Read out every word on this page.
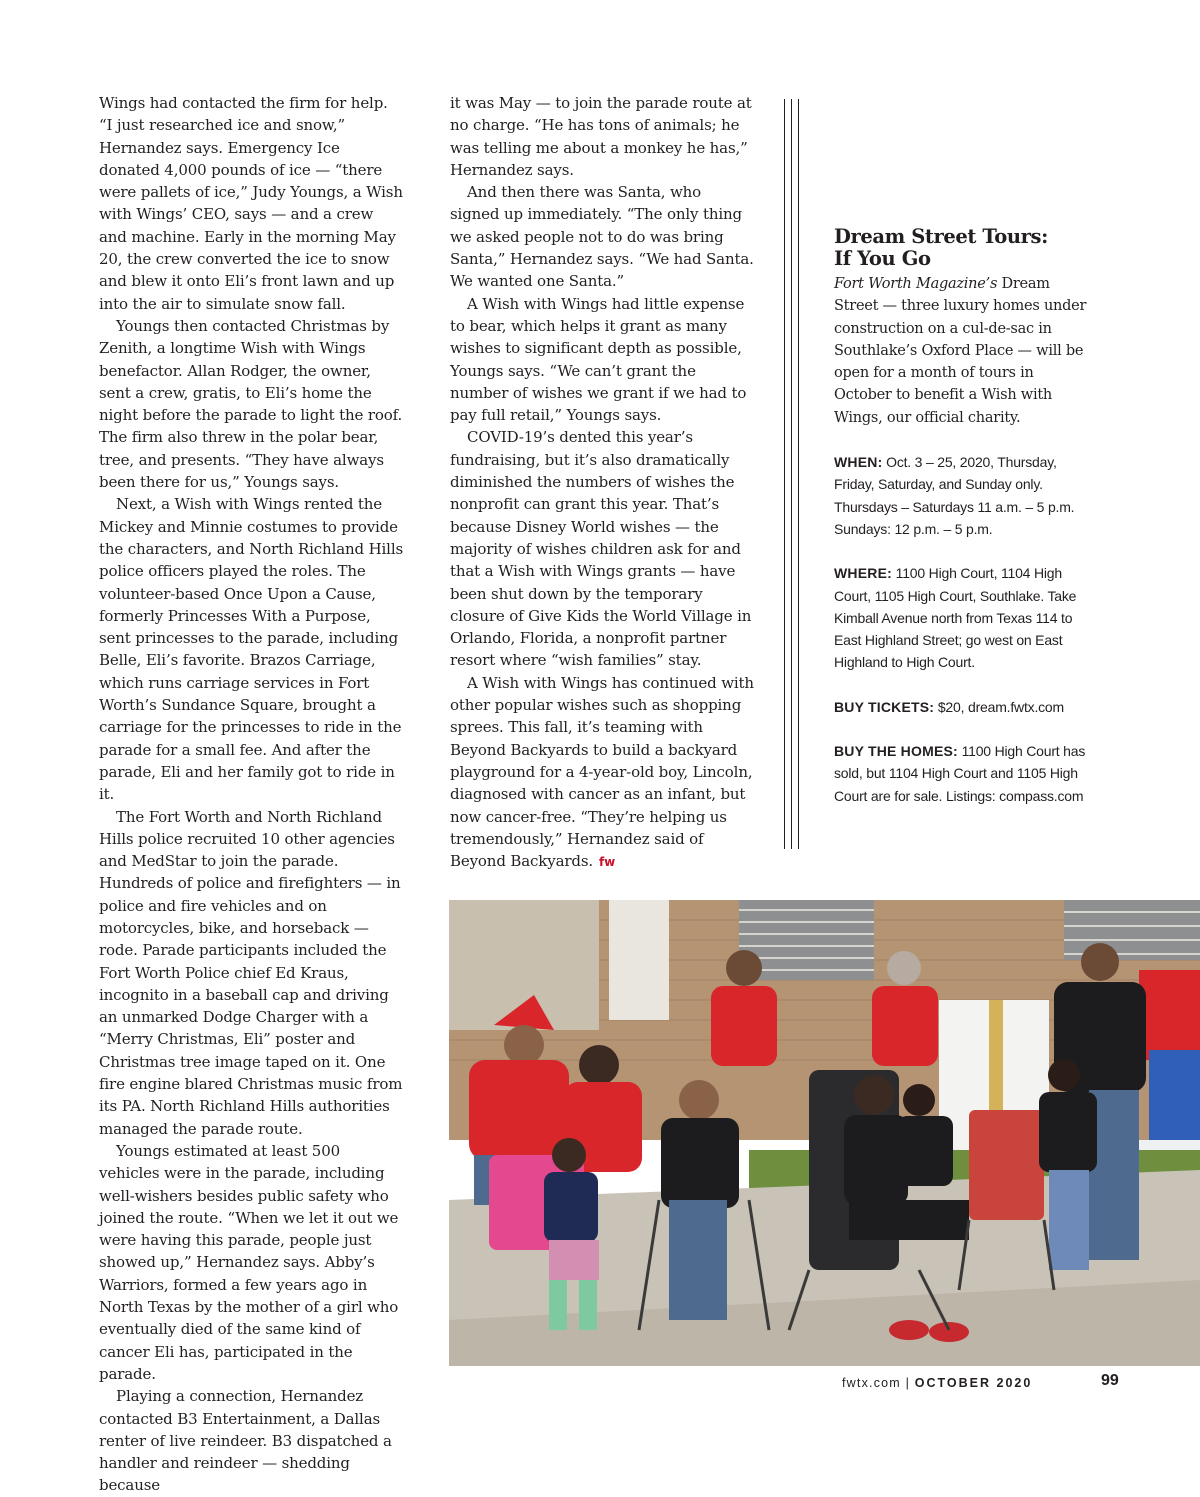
Wings had contacted the firm for help. “I just researched ice and snow,” Hernandez says. Emergency Ice donated 4,000 pounds of ice — “there were pallets of ice,” Judy Youngs, a Wish with Wings’ CEO, says — and a crew and machine. Early in the morning May 20, the crew converted the ice to snow and blew it onto Eli’s front lawn and up into the air to simulate snow fall.

Youngs then contacted Christmas by Zenith, a longtime Wish with Wings benefactor. Allan Rodger, the owner, sent a crew, gratis, to Eli’s home the night before the parade to light the roof. The firm also threw in the polar bear, tree, and presents. “They have always been there for us,” Youngs says.

Next, a Wish with Wings rented the Mickey and Minnie costumes to provide the characters, and North Richland Hills police officers played the roles. The volunteer-based Once Upon a Cause, formerly Princesses With a Purpose, sent princesses to the parade, including Belle, Eli’s favorite. Brazos Carriage, which runs carriage services in Fort Worth’s Sundance Square, brought a carriage for the princesses to ride in the parade for a small fee. And after the parade, Eli and her family got to ride in it.

The Fort Worth and North Richland Hills police recruited 10 other agencies and MedStar to join the parade. Hundreds of police and firefighters — in police and fire vehicles and on motorcycles, bike, and horseback — rode. Parade participants included the Fort Worth Police chief Ed Kraus, incognito in a baseball cap and driving an unmarked Dodge Charger with a “Merry Christmas, Eli” poster and Christmas tree image taped on it. One fire engine blared Christmas music from its PA. North Richland Hills authorities managed the parade route.

Youngs estimated at least 500 vehicles were in the parade, including well-wishers besides public safety who joined the route. “When we let it out we were having this parade, people just showed up,” Hernandez says. Abby’s Warriors, formed a few years ago in North Texas by the mother of a girl who eventually died of the same kind of cancer Eli has, participated in the parade.

Playing a connection, Hernandez contacted B3 Entertainment, a Dallas renter of live reindeer. B3 dispatched a handler and reindeer — shedding because

it was May — to join the parade route at no charge. “He has tons of animals; he was telling me about a monkey he has,” Hernandez says.

And then there was Santa, who signed up immediately. “The only thing we asked people not to do was bring Santa,” Hernandez says. “We had Santa. We wanted one Santa.”

A Wish with Wings had little expense to bear, which helps it grant as many wishes to significant depth as possible, Youngs says. “We can’t grant the number of wishes we grant if we had to pay full retail,” Youngs says.

COVID-19’s dented this year’s fundraising, but it’s also dramatically diminished the numbers of wishes the nonprofit can grant this year. That’s because Disney World wishes — the majority of wishes children ask for and that a Wish with Wings grants — have been shut down by the temporary closure of Give Kids the World Village in Orlando, Florida, a nonprofit partner resort where “wish families” stay.

A Wish with Wings has continued with other popular wishes such as shopping sprees. This fall, it’s teaming with Beyond Backyards to build a backyard playground for a 4-year-old boy, Lincoln, diagnosed with cancer as an infant, but now cancer-free. “They’re helping us tremendously,” Hernandez said of Beyond Backyards. fw

Dream Street Tours:
If You Go

Fort Worth Magazine’s Dream Street — three luxury homes under construction on a cul-de-sac in Southlake’s Oxford Place — will be open for a month of tours in October to benefit a Wish with Wings, our official charity.

WHEN: Oct. 3 – 25, 2020, Thursday, Friday, Saturday, and Sunday only. Thursdays – Saturdays 11 a.m. – 5 p.m. Sundays: 12 p.m. – 5 p.m.

WHERE: 1100 High Court, 1104 High Court, 1105 High Court, Southlake. Take Kimball Avenue north from Texas 114 to East Highland Street; go west on East Highland to High Court.

BUY TICKETS: $20, dream.fwtx.com

BUY THE HOMES: 1100 High Court has sold, but 1104 High Court and 1105 High Court are for sale. Listings: compass.com

fwtx.com | OCTOBER 2020	99
